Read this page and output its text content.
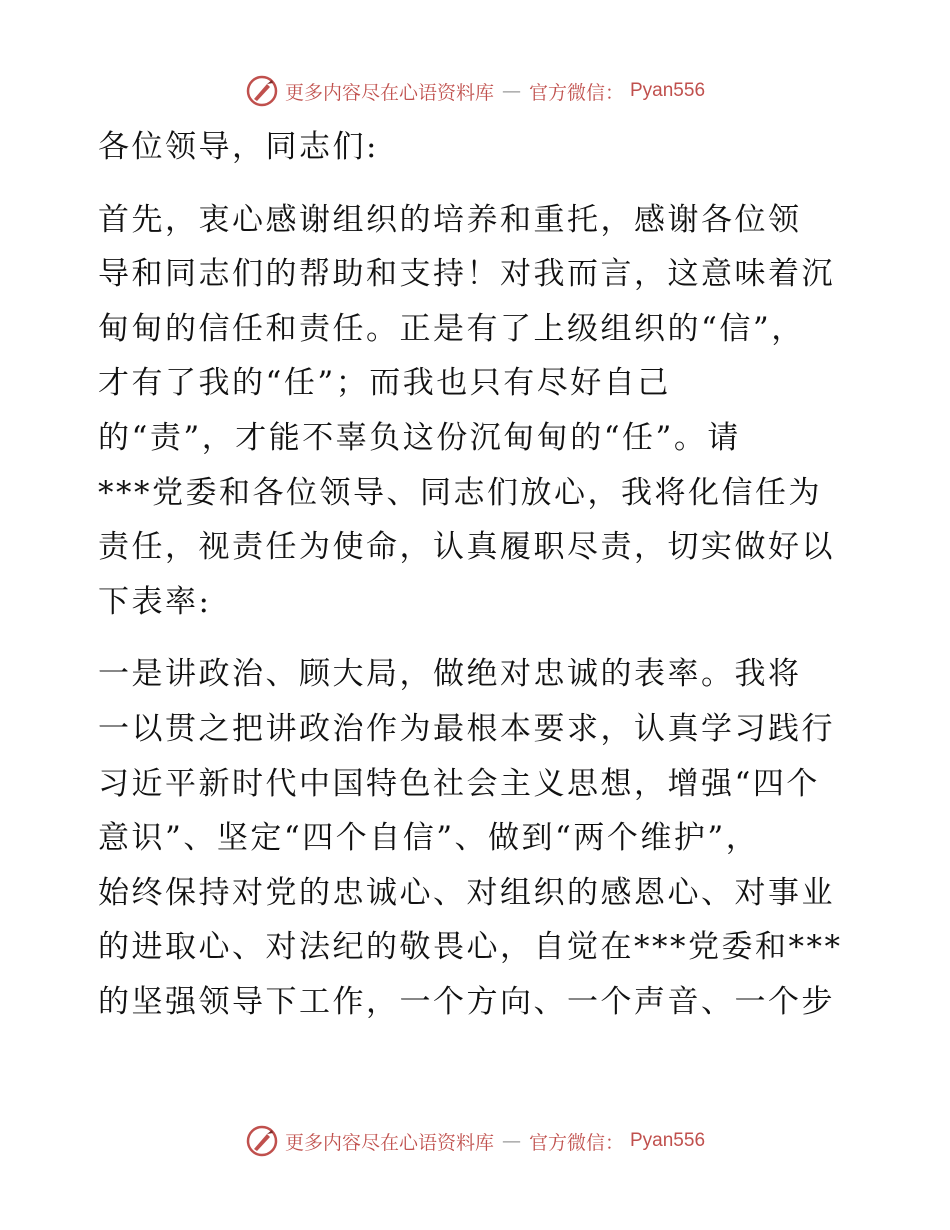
更多内容尽在心语资料库 — 官方微信： Pyan556
各位领导，同志们:
首先，衷心感谢组织的培养和重托，感谢各位领
导和同志们的帮助和支持！对我而言，这意味着沉
甸甸的信任和责任。正是有了上级组织的“信”，
才有了我的“任”；而我也只有尽好自己
的“责”，才能不辜负这份沉甸甸的“任”。请
***党委和各位领导、同志们放心，我将化信任为
责任，视责任为使命，认真履职尽责，切实做好以
下表率:
一是讲政治、顾大局，做绝对忠诚的表率。我将
一以贯之把讲政治作为最根本要求，认真学习践行
习近平新时代中国特色社会主义思想，增强“四个
意识”、坚定“四个自信”、做到“两个维护”，
始终保持对党的忠诚心、对组织的感恩心、对事业
的进取心、对法纪的敬畏心，自觉在***党委和***
的坚强领导下工作，一个方向、一个声音、一个步
更多内容尽在心语资料库 — 官方微信： Pyan556
